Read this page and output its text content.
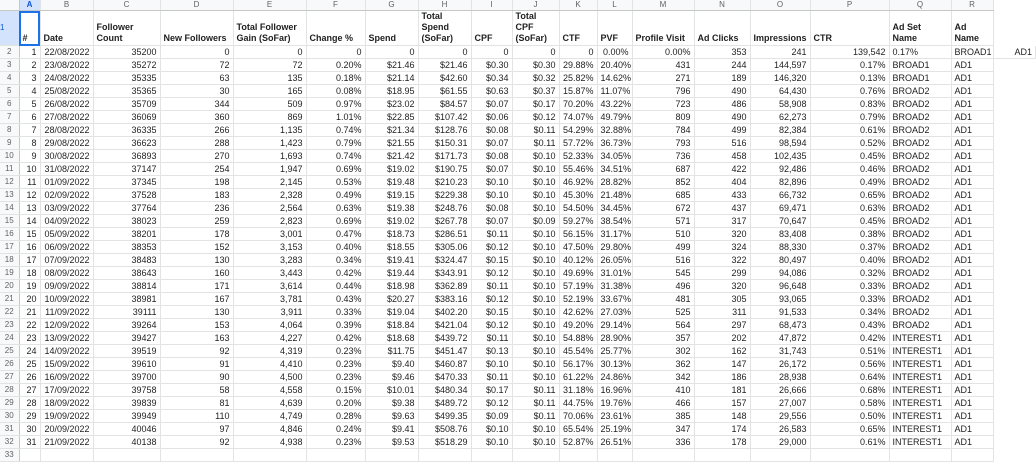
	A	B	C	D	E	F	G	H	I	J	K	L	M	N	O	P	Q	R	
1	#	Date	Follower Count	New Followers	Total Follower Gain (SoFar)	Change %	Spend	Total Spend (SoFar)	CPF	Total CPF (SoFar)	CTF	PVF	Profile Visit	Ad Clicks	Impressions	CTR	Ad Set Name	Ad Name	
2	1	22/08/2022	35200	0	0	0	0	0	0	0	0	0.00%	0.00%	353	241	139,542	0.17%	BROAD1	AD1
3	2	23/08/2022	35272	72	72	0.20%	$21.46	$21.46	$0.30	$0.30	29.88%	20.40%	431	244	144,597	0.17%	BROAD1	AD1	
4	3	24/08/2022	35335	63	135	0.18%	$21.14	$42.60	$0.34	$0.32	25.82%	14.62%	271	189	146,320	0.13%	BROAD1	AD1	
5	4	25/08/2022	35365	30	165	0.08%	$18.95	$61.55	$0.63	$0.37	15.87%	11.07%	796	490	64,430	0.76%	BROAD2	AD1	
6	5	26/08/2022	35709	344	509	0.97%	$23.02	$84.57	$0.07	$0.17	70.20%	43.22%	723	486	58,908	0.83%	BROAD2	AD1	
7	6	27/08/2022	36069	360	869	1.01%	$22.85	$107.42	$0.06	$0.12	74.07%	49.79%	809	490	62,273	0.79%	BROAD2	AD1	
8	7	28/08/2022	36335	266	1,135	0.74%	$21.34	$128.76	$0.08	$0.11	54.29%	32.88%	784	499	82,384	0.61%	BROAD2	AD1	
9	8	29/08/2022	36623	288	1,423	0.79%	$21.55	$150.31	$0.07	$0.11	57.72%	36.73%	793	516	98,594	0.52%	BROAD2	AD1	
10	9	30/08/2022	36893	270	1,693	0.74%	$21.42	$171.73	$0.08	$0.10	52.33%	34.05%	736	458	102,435	0.45%	BROAD2	AD1	
11	10	31/08/2022	37147	254	1,947	0.69%	$19.02	$190.75	$0.07	$0.10	55.46%	34.51%	687	422	92,486	0.46%	BROAD2	AD1	
12	11	01/09/2022	37345	198	2,145	0.53%	$19.48	$210.23	$0.10	$0.10	46.92%	28.82%	852	404	82,896	0.49%	BROAD2	AD1	
13	12	02/09/2022	37528	183	2,328	0.49%	$19.15	$229.38	$0.10	$0.10	45.30%	21.48%	685	433	66,732	0.65%	BROAD2	AD1	
14	13	03/09/2022	37764	236	2,564	0.63%	$19.38	$248.76	$0.08	$0.10	54.50%	34.45%	672	437	69,471	0.63%	BROAD2	AD1	
15	14	04/09/2022	38023	259	2,823	0.69%	$19.02	$267.78	$0.07	$0.09	59.27%	38.54%	571	317	70,647	0.45%	BROAD2	AD1	
16	15	05/09/2022	38201	178	3,001	0.47%	$18.73	$286.51	$0.11	$0.10	56.15%	31.17%	510	320	83,408	0.38%	BROAD2	AD1	
17	16	06/09/2022	38353	152	3,153	0.40%	$18.55	$305.06	$0.12	$0.10	47.50%	29.80%	499	324	88,330	0.37%	BROAD2	AD1	
18	17	07/09/2022	38483	130	3,283	0.34%	$19.41	$324.47	$0.15	$0.10	40.12%	26.05%	516	322	80,497	0.40%	BROAD2	AD1	
19	18	08/09/2022	38643	160	3,443	0.42%	$19.44	$343.91	$0.12	$0.10	49.69%	31.01%	545	299	94,086	0.32%	BROAD2	AD1	
20	19	09/09/2022	38814	171	3,614	0.44%	$18.98	$362.89	$0.11	$0.10	57.19%	31.38%	496	320	96,648	0.33%	BROAD2	AD1	
21	20	10/09/2022	38981	167	3,781	0.43%	$20.27	$383.16	$0.12	$0.10	52.19%	33.67%	481	305	93,065	0.33%	BROAD2	AD1	
22	21	11/09/2022	39111	130	3,911	0.33%	$19.04	$402.20	$0.15	$0.10	42.62%	27.03%	525	311	91,533	0.34%	BROAD2	AD1	
23	22	12/09/2022	39264	153	4,064	0.39%	$18.84	$421.04	$0.12	$0.10	49.20%	29.14%	564	297	68,473	0.43%	BROAD2	AD1	
24	23	13/09/2022	39427	163	4,227	0.42%	$18.68	$439.72	$0.11	$0.10	54.88%	28.90%	357	202	47,872	0.42%	INTEREST1	AD1	
25	24	14/09/2022	39519	92	4,319	0.23%	$11.75	$451.47	$0.13	$0.10	45.54%	25.77%	302	162	31,743	0.51%	INTEREST1	AD1	
26	25	15/09/2022	39610	91	4,410	0.23%	$9.40	$460.87	$0.10	$0.10	56.17%	30.13%	362	147	26,172	0.56%	INTEREST1	AD1	
27	26	16/09/2022	39700	90	4,500	0.23%	$9.46	$470.33	$0.11	$0.10	61.22%	24.86%	342	186	28,938	0.64%	INTEREST1	AD1	
28	27	17/09/2022	39758	58	4,558	0.15%	$10.01	$480.34	$0.17	$0.11	31.18%	16.96%	410	181	26,666	0.68%	INTEREST1	AD1	
29	28	18/09/2022	39839	81	4,639	0.20%	$9.38	$489.72	$0.12	$0.11	44.75%	19.76%	466	157	27,007	0.58%	INTEREST1	AD1	
30	29	19/09/2022	39949	110	4,749	0.28%	$9.63	$499.35	$0.09	$0.11	70.06%	23.61%	385	148	29,556	0.50%	INTEREST1	AD1	
31	30	20/09/2022	40046	97	4,846	0.24%	$9.41	$508.76	$0.10	$0.10	65.54%	25.19%	347	174	26,583	0.65%	INTEREST1	AD1	
32	31	21/09/2022	40138	92	4,938	0.23%	$9.53	$518.29	$0.10	$0.10	52.87%	26.51%	336	178	29,000	0.61%	INTEREST1	AD1	
33																			
